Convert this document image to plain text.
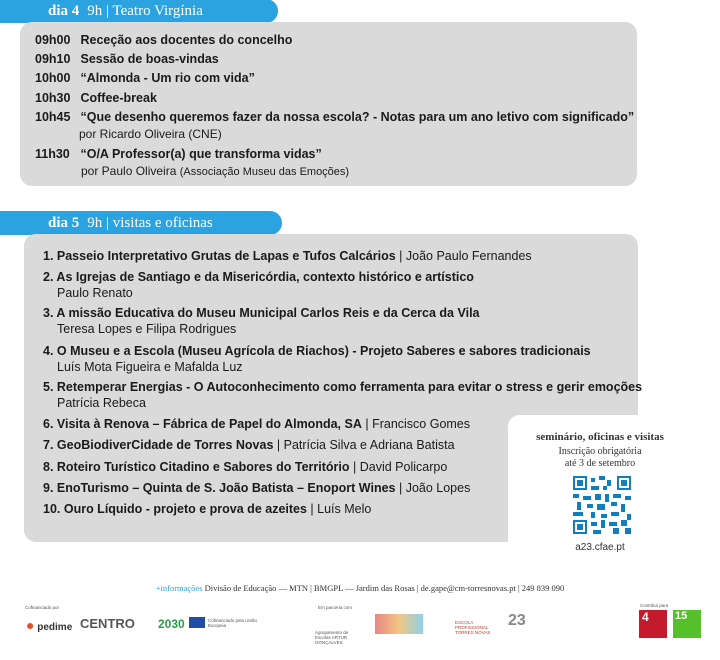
dia 4 9h | Teatro Virgínia
09h00 Receção aos docentes do concelho
09h10 Sessão de boas-vindas
10h00 “Almonda - Um rio com vida”
10h30 Coffee-break
10h45 “Que desenho queremos fazer da nossa escola? - Notas para um ano letivo com significado”
por Ricardo Oliveira (CNE)
11h30 “O/A Professor(a) que transforma vidas”
por Paulo Oliveira (Associação Museu das Emoções)
dia 5 9h | visitas e oficinas
1. Passeio Interpretativo Grutas de Lapas e Tufos Calcários | João Paulo Fernandes
2. As Igrejas de Santiago e da Misericórdia, contexto histórico e artístico
Paulo Renato
3. A missão Educativa do Museu Municipal Carlos Reis e da Cerca da Vila
Teresa Lopes e Filipa Rodrigues
4. O Museu e a Escola (Museu Agrícola de Riachos) - Projeto Saberes e sabores tradicionais
Luís Mota Figueira e Mafalda Luz
5. Retemperar Energias - O Autoconhecimento como ferramenta para evitar o stress e gerir emoções
Patrícia Rebeca
6. Visita à Renova – Fábrica de Papel do Almonda, SA | Francisco Gomes
7. GeoBiodiverCidade de Torres Novas | Patrícia Silva e Adriana Batista
8. Roteiro Turístico Citadino e Sabores do Território | David Policarpo
9. EnoTurismo – Quinta de S. João Batista – Enoport Wines | João Lopes
10. Ouro Líquido - projeto e prova de azeites | Luís Melo
seminário, oficinas e visitas
Inscrição obrigatória
até 3 de setembro
a23.cfae.pt
+informações Divisão de Educação — MTN | BMGPL — Jardim das Rosas | de.gape@cm-torresnovas.pt | 249 839 090
Cofinanciado por
● pedime CENTRO 2030	Cofinanciado pela União Europeia
Em parceria com
Agrupamento de Escolas ARTUR GONÇALVES
ESCOLA PROFISSIONAL TORRES NOVAS
23
Contribui para
4	15
